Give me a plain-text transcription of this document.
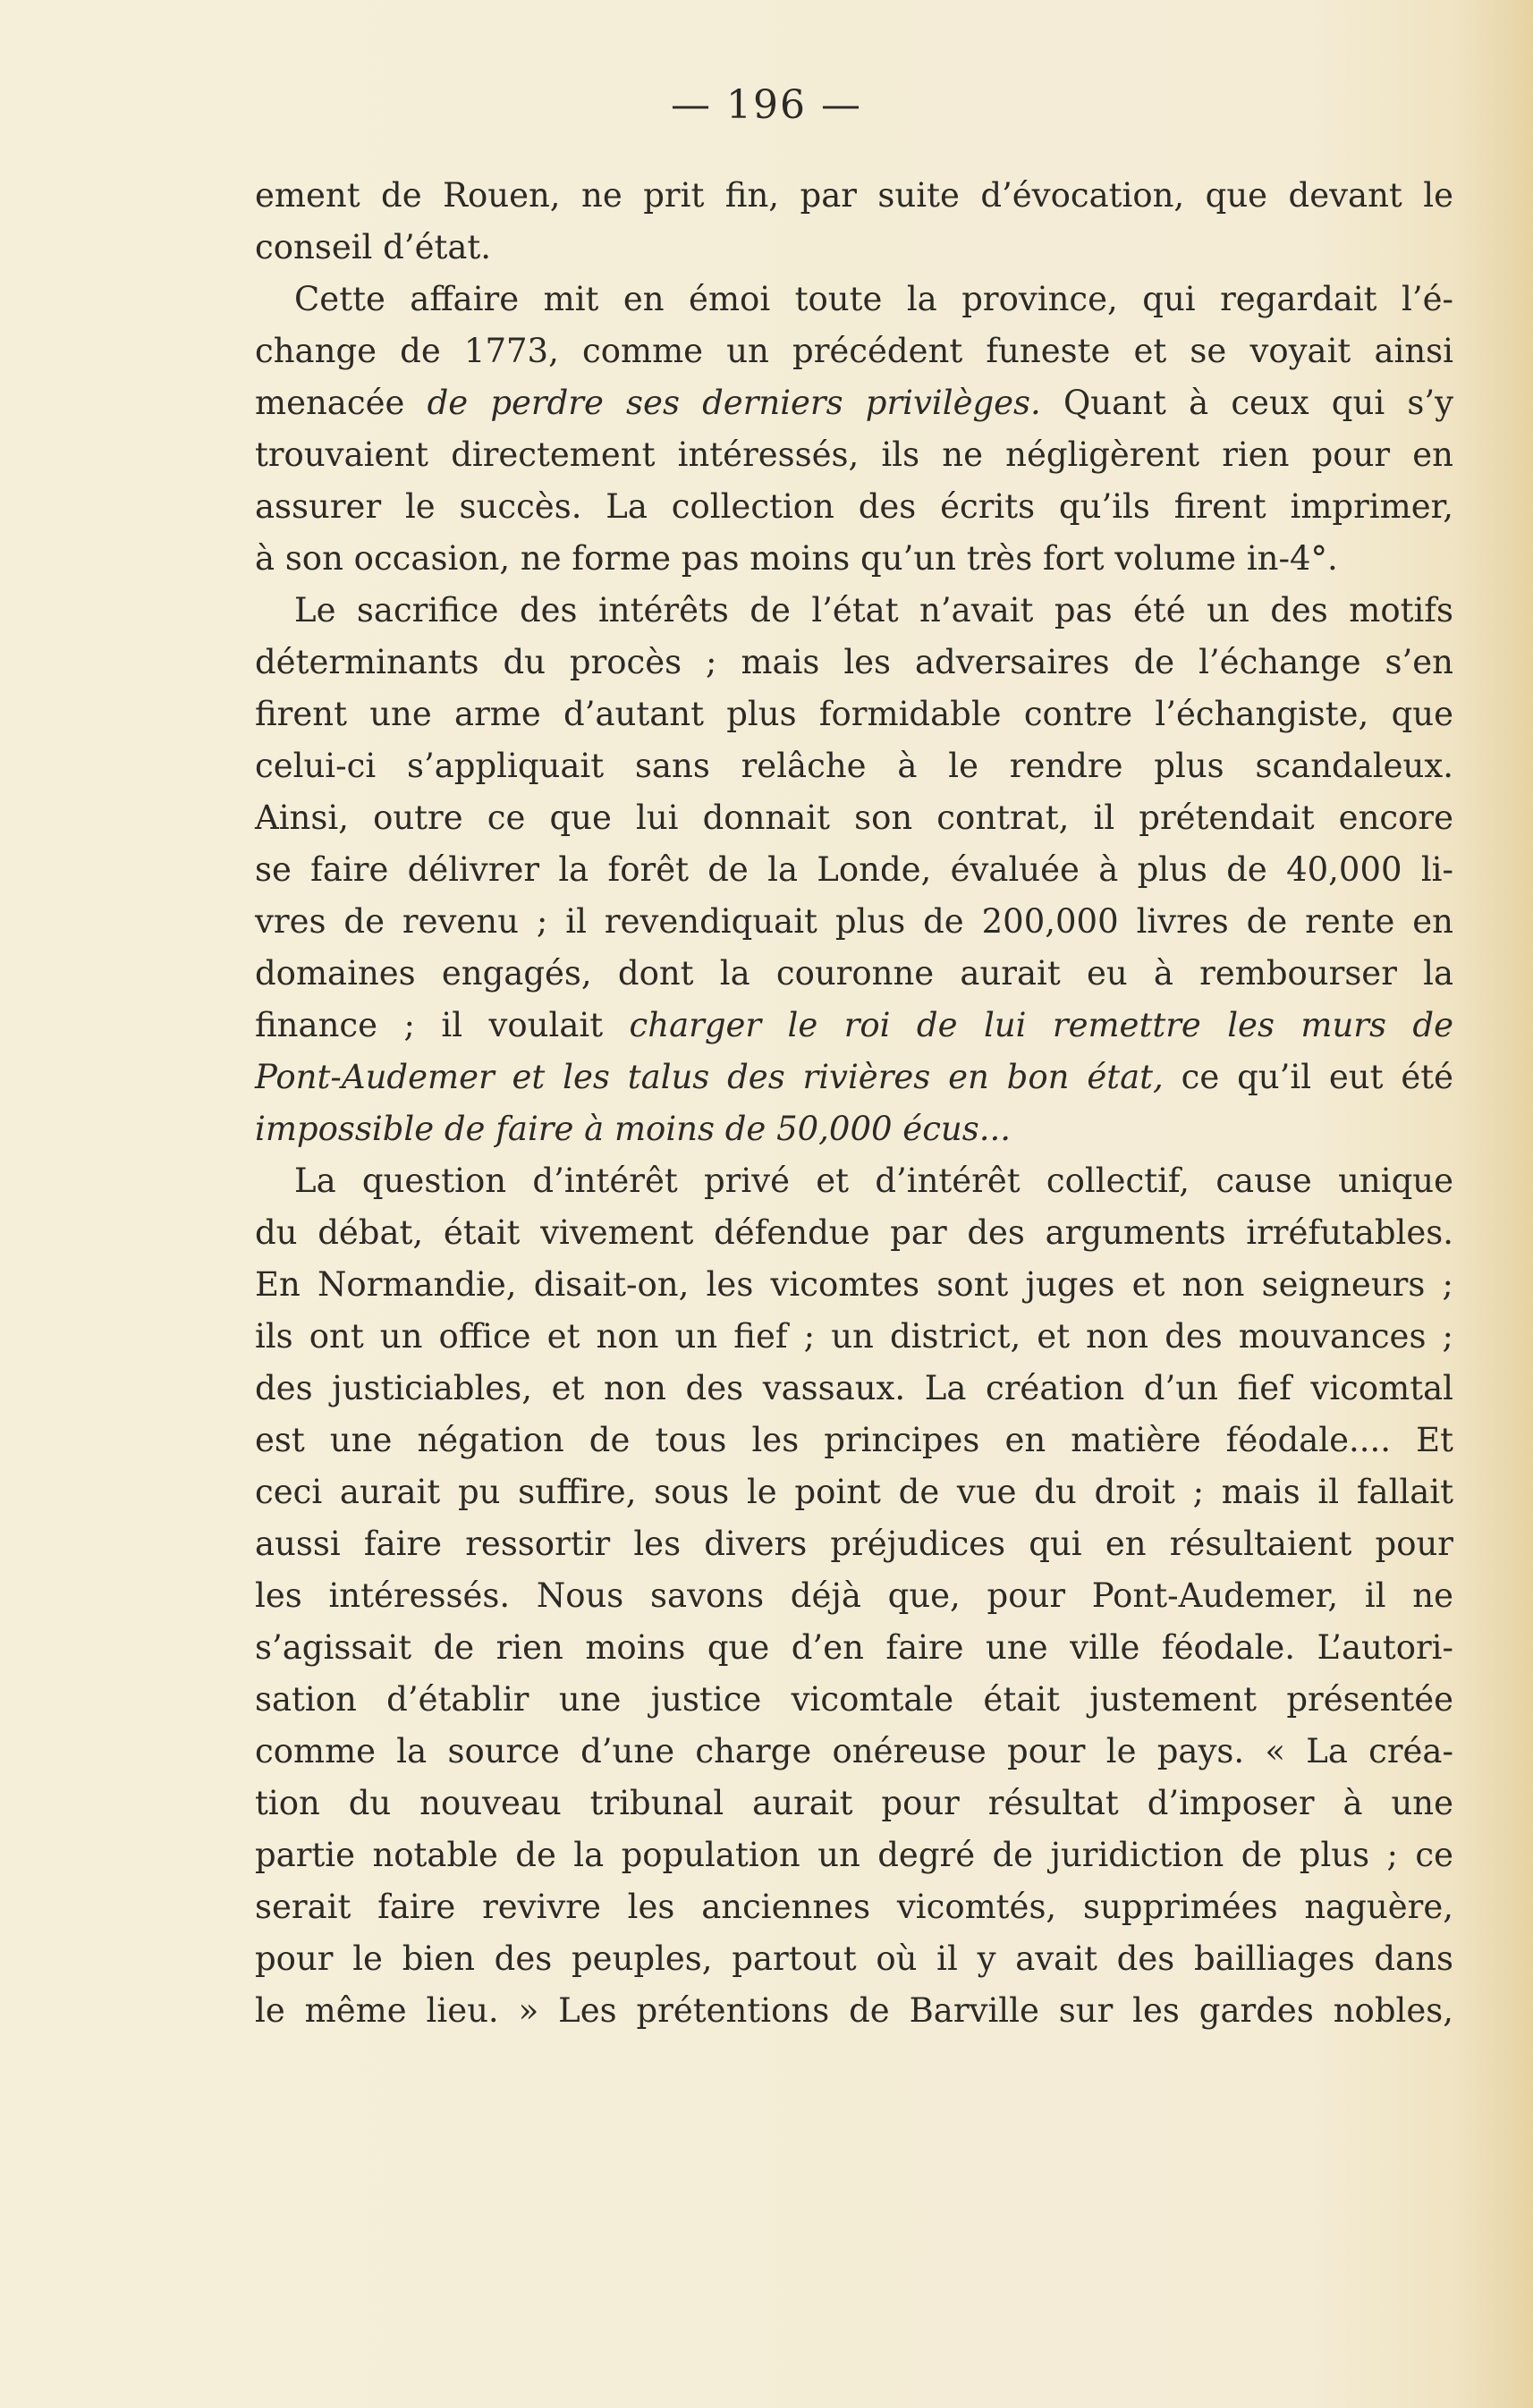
— 196 —
ement de Rouen, ne prit fin, par suite d’évocation, que devant le
conseil d’état.
Cette affaire mit en émoi toute la province, qui regardait l’é-
change de 1773, comme un précédent funeste et se voyait ainsi
menacée de perdre ses derniers privilèges. Quant à ceux qui s’y
trouvaient directement intéressés, ils ne négligèrent rien pour en
assurer le succès. La collection des écrits qu’ils firent imprimer,
à son occasion, ne forme pas moins qu’un très fort volume in-4°.
Le sacrifice des intérêts de l’état n’avait pas été un des motifs
déterminants du procès ; mais les adversaires de l’échange s’en
firent une arme d’autant plus formidable contre l’échangiste, que
celui-ci s’appliquait sans relâche à le rendre plus scandaleux.
Ainsi, outre ce que lui donnait son contrat, il prétendait encore
se faire délivrer la forêt de la Londe, évaluée à plus de 40,000 li-
vres de revenu ; il revendiquait plus de 200,000 livres de rente en
domaines engagés, dont la couronne aurait eu à rembourser la
finance ; il voulait charger le roi de lui remettre les murs de
Pont-Audemer et les talus des rivières en bon état, ce qu’il eut été
impossible de faire à moins de 50,000 écus...
La question d’intérêt privé et d’intérêt collectif, cause unique
du débat, était vivement défendue par des arguments irréfutables.
En Normandie, disait-on, les vicomtes sont juges et non seigneurs ;
ils ont un office et non un fief ; un district, et non des mouvances ;
des justiciables, et non des vassaux. La création d’un fief vicomtal
est une négation de tous les principes en matière féodale.... Et
ceci aurait pu suffire, sous le point de vue du droit ; mais il fallait
aussi faire ressortir les divers préjudices qui en résultaient pour
les intéressés. Nous savons déjà que, pour Pont-Audemer, il ne
s’agissait de rien moins que d’en faire une ville féodale. L’autori-
sation d’établir une justice vicomtale était justement présentée
comme la source d’une charge onéreuse pour le pays. « La créa-
tion du nouveau tribunal aurait pour résultat d’imposer à une
partie notable de la population un degré de juridiction de plus ; ce
serait faire revivre les anciennes vicomtés, supprimées naguère,
pour le bien des peuples, partout où il y avait des bailliages dans
le même lieu. » Les prétentions de Barville sur les gardes nobles,
